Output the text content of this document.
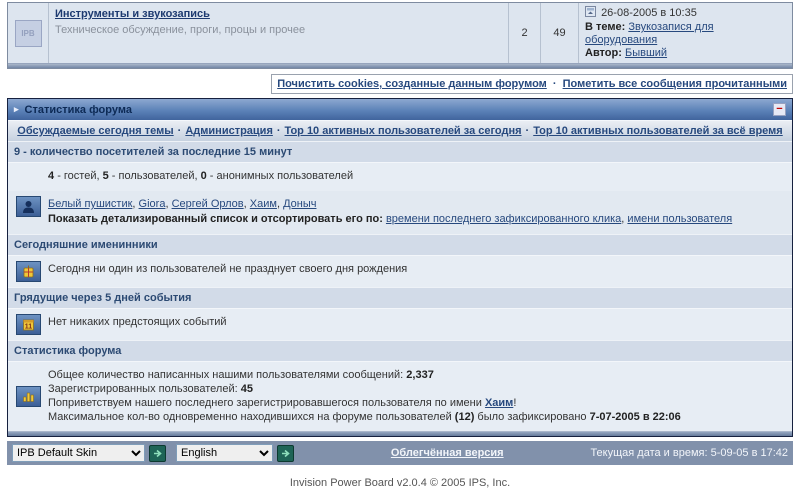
IPB
Инструменты и звукозапись
Техническое обсуждение, проги, процы и прочее	2	49
26-08-2005 в 10:35
В теме: Звукозапися для оборудования
Автор: Бывший
Почистить cookies, созданные данным форумом · Пометить все сообщения прочитанными
▸ Статистика форума	−
Обсуждаемые сегодня темы · Администрация · Top 10 активных пользователей за сегодня · Top 10 активных пользователей за всё время
9 - количество посетителей за последние 15 минут
4 - гостей, 5 - пользователей, 0 - анонимных пользователей
Белый пушистик, Giora, Сергей Орлов, Хаим, Доныч
Показать детализированный список и отсортировать его по: времени последнего зафиксированного клика, имени пользователя
Сегодняшние именинники
Сегодня ни один из пользователей не празднует своего дня рождения
Грядущие через 5 дней события
11 Нет никаких предстоящих событий
Статистика форума
Общее количество написанных нашими пользователями сообщений: 2,337
Зарегистрированных пользователей: 45
Поприветствуем нашего последнего зарегистрировавшегося пользователя по имени Хаим!
Максимальное кол-во одновременно находившихся на форуме пользователей (12) было зафиксировано 7-07-2005 в 22:06
IPB Default Skin
English
Облегчённая версия	Текущая дата и время: 5-09-05 в 17:42
Invision Power Board v2.0.4 © 2005 IPS, Inc.
